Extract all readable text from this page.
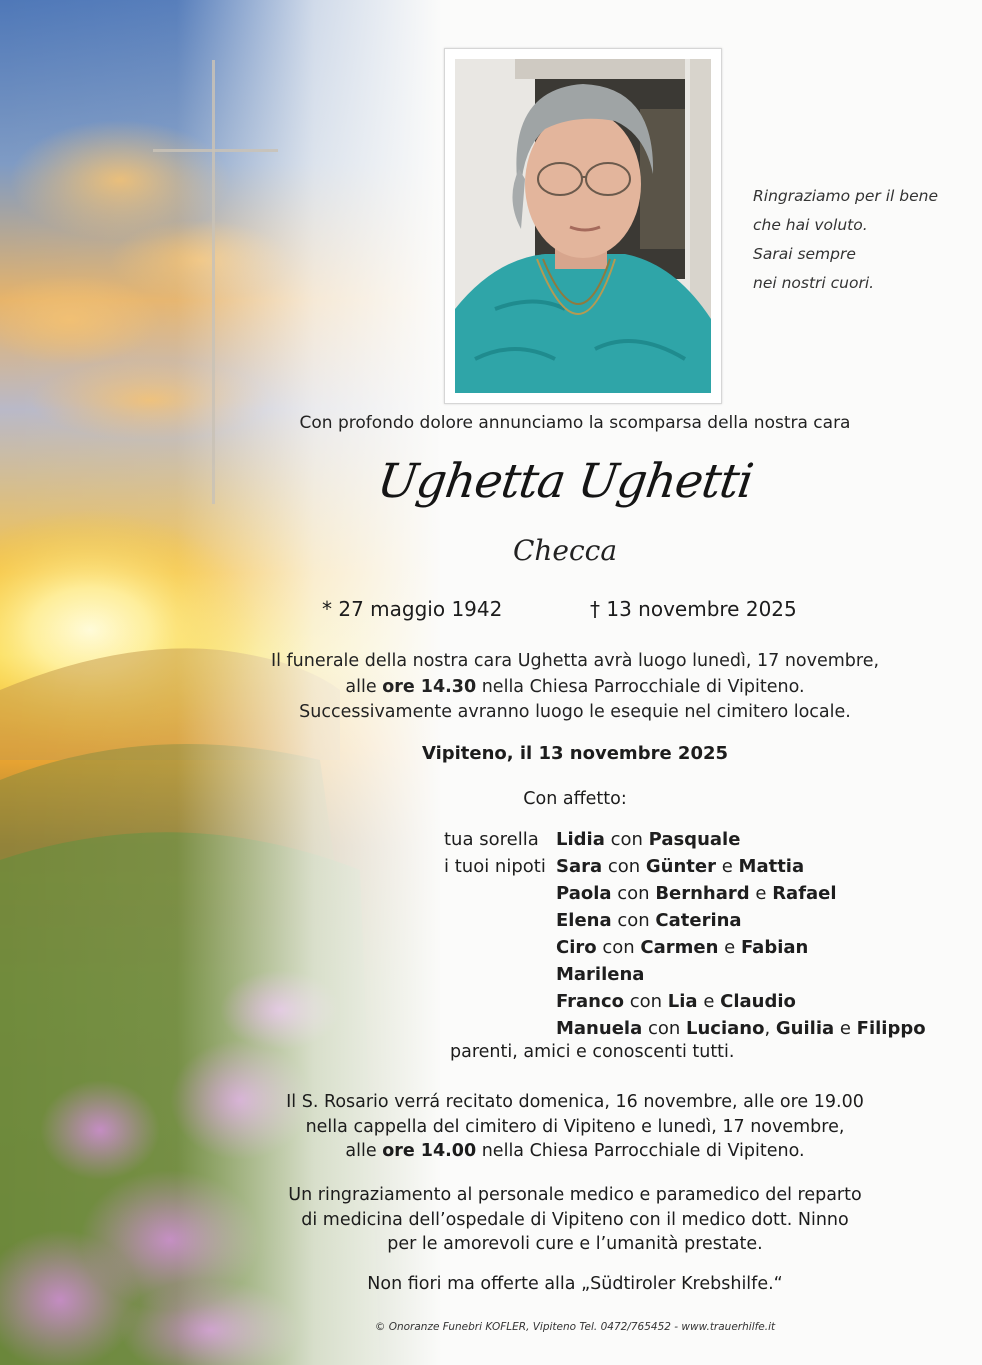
Ringraziamo per il bene
che hai voluto.
Sarai sempre
nei nostri cuori.
Con profondo dolore annunciamo la scomparsa della nostra cara
Ughetta Ughetti
Checca
* 27 maggio 1942	† 13 novembre 2025
Il funerale della nostra cara Ughetta avrà luogo lunedì, 17 novembre,
alle ore 14.30 nella Chiesa Parrocchiale di Vipiteno.
Successivamente avranno luogo le esequie nel cimitero locale.
Vipiteno, il 13 novembre 2025
Con affetto:
tua sorella Lidia con Pasquale
i tuoi nipoti Sara con Günter e Mattia
Paola con Bernhard e Rafael
Elena con Caterina
Ciro con Carmen e Fabian
Marilena
Franco con Lia e Claudio
Manuela con Luciano, Guilia e Filippo
parenti, amici e conoscenti tutti.
Il S. Rosario verrá recitato domenica, 16 novembre, alle ore 19.00
nella cappella del cimitero di Vipiteno e lunedì, 17 novembre,
alle ore 14.00 nella Chiesa Parrocchiale di Vipiteno.
Un ringraziamento al personale medico e paramedico del reparto
di medicina dell’ospedale di Vipiteno con il medico dott. Ninno
per le amorevoli cure e l’umanità prestate.
Non fiori ma offerte alla „Südtiroler Krebshilfe.“
© Onoranze Funebri KOFLER, Vipiteno Tel. 0472/765452 - www.trauerhilfe.it
